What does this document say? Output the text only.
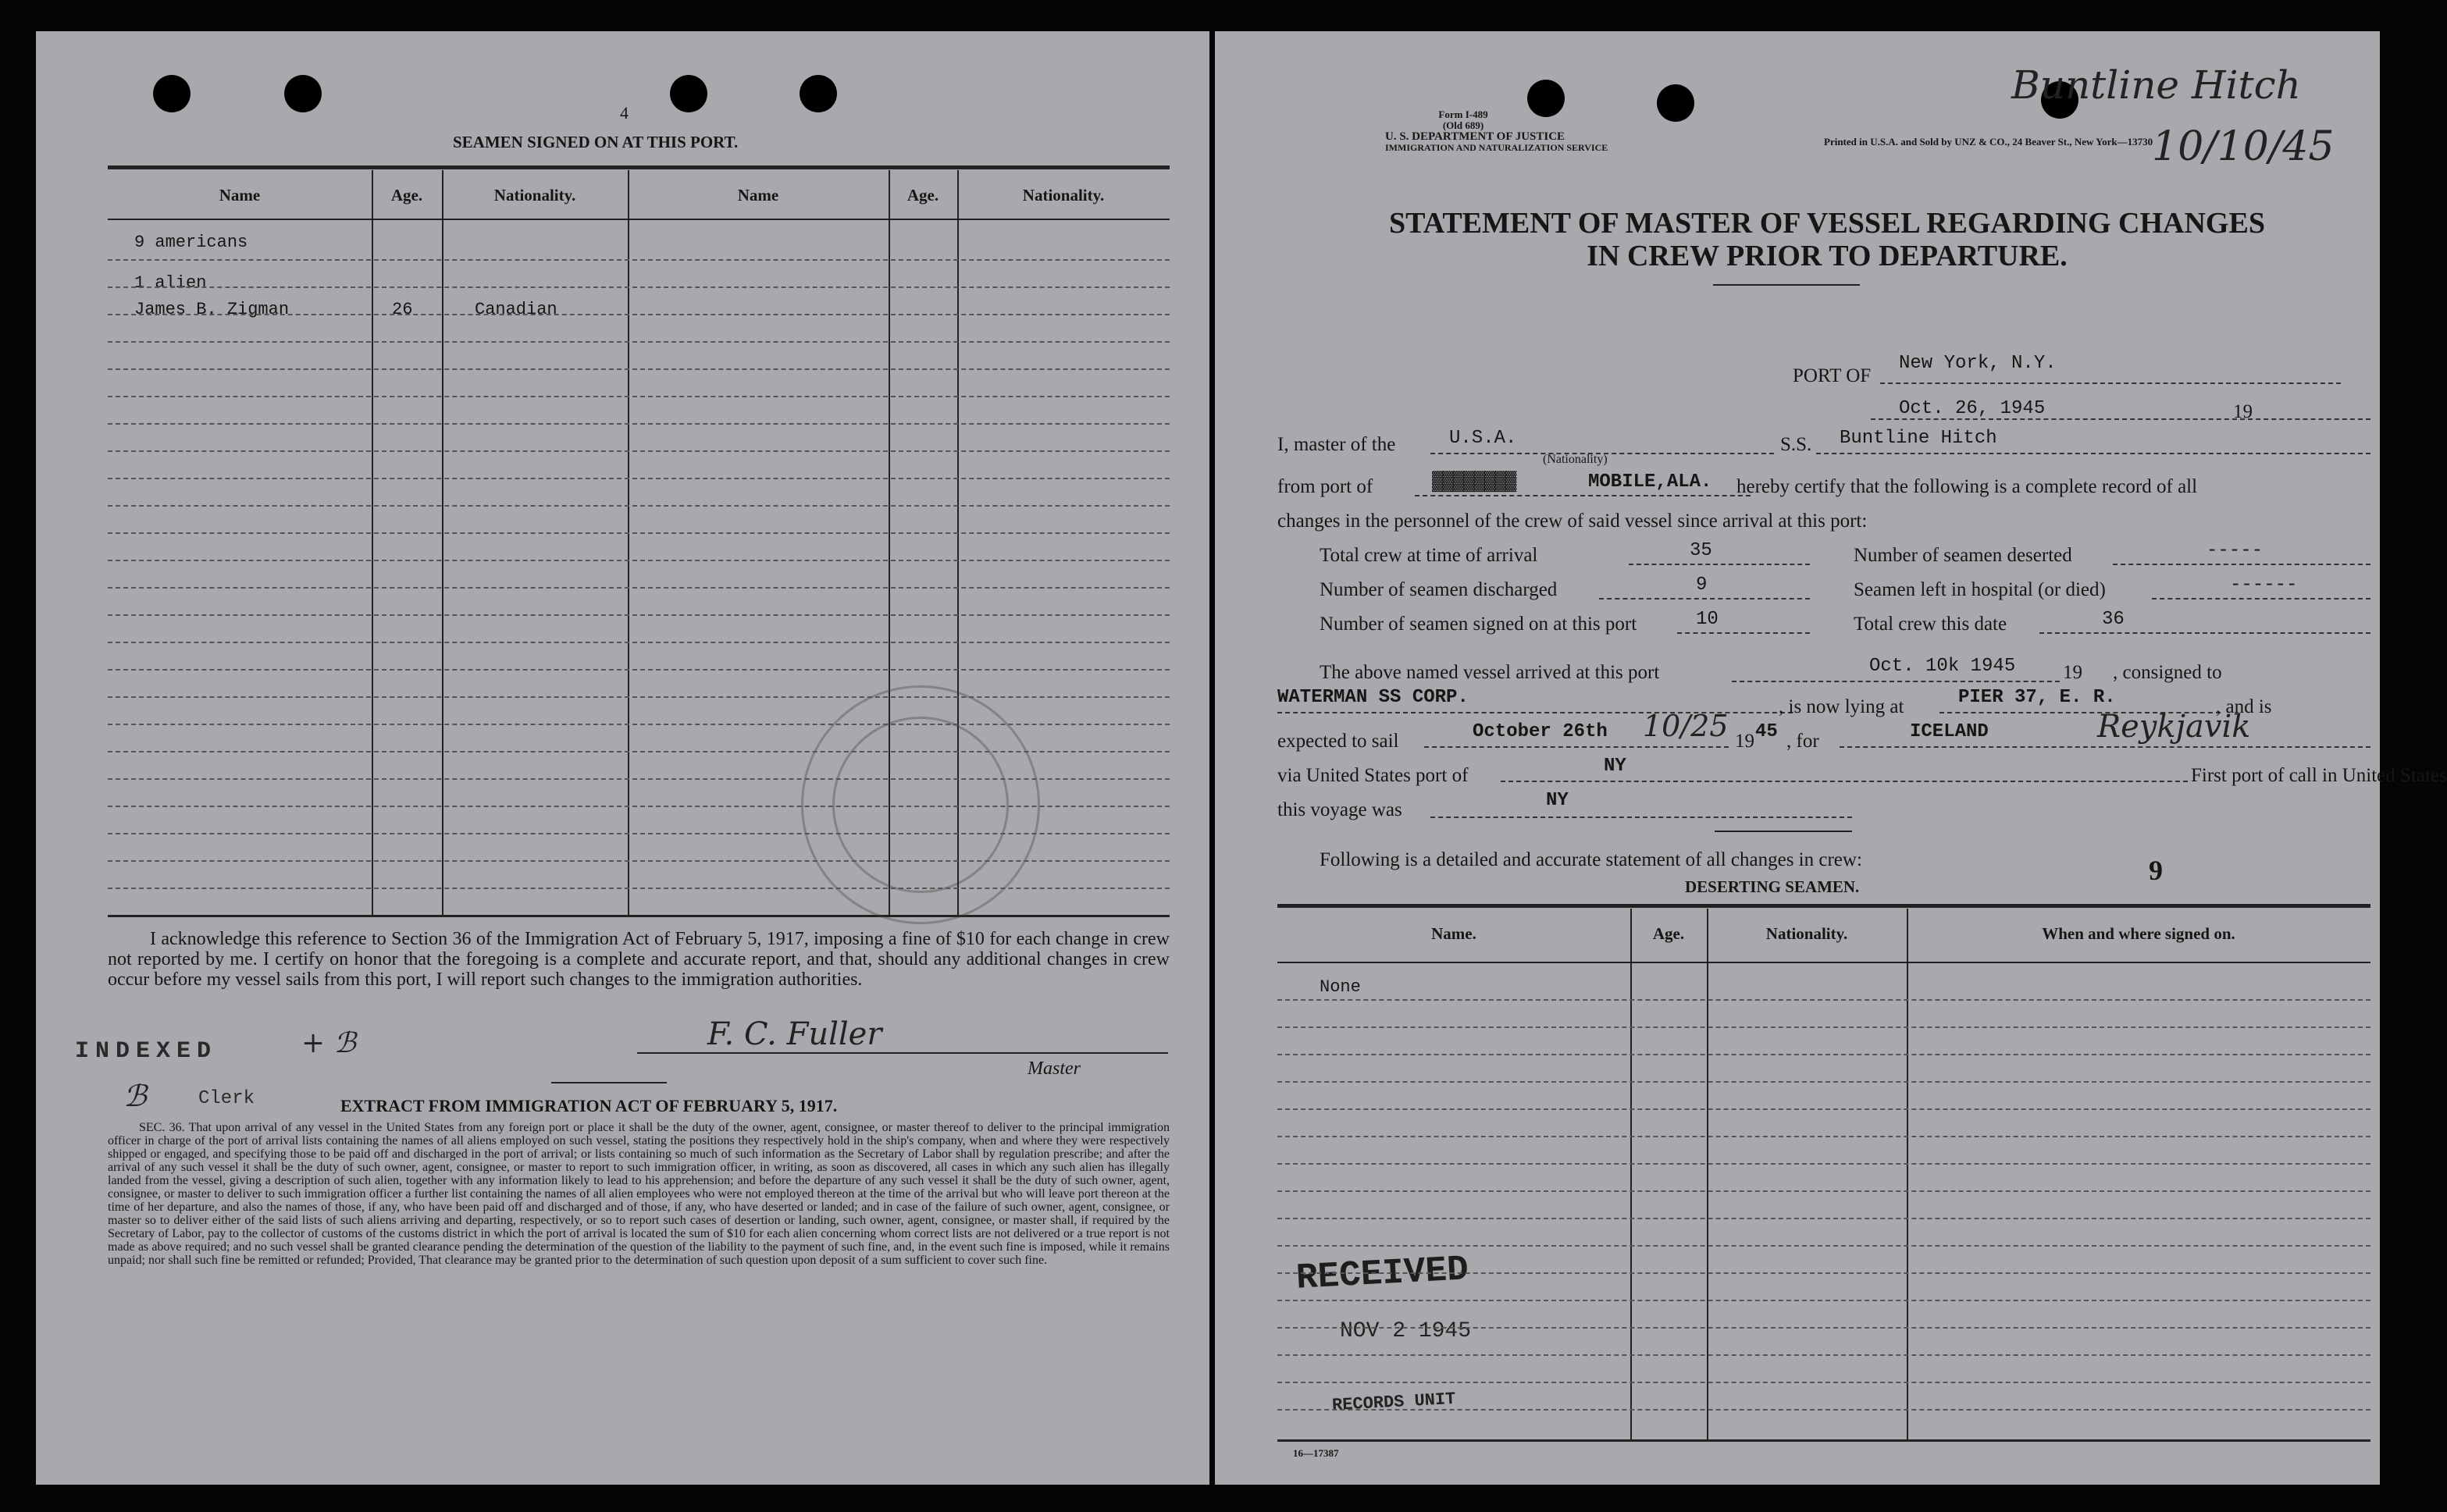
4
SEAMEN SIGNED ON AT THIS PORT.
Name	Age.	Nationality.	Name	Age.	Nationality.
9 americans
1 alien
James B. Zigman	26	Canadian
I acknowledge this reference to Section 36 of the Immigration Act of February 5, 1917, imposing a fine of $10 for each change in crew not reported by me. I certify on honor that the foregoing is a complete and accurate report, and that, should any additional changes in crew occur before my vessel sails from this port, I will report such changes to the immigration authorities.
F. C. Fuller
Master
INDEXED	+ ℬ
ℬ	Clerk	EXTRACT FROM IMMIGRATION ACT OF FEBRUARY 5, 1917.
SEC. 36. That upon arrival of any vessel in the United States from any foreign port or place it shall be the duty of the owner, agent, consignee, or master thereof to deliver to the principal immigration officer in charge of the port of arrival lists containing the names of all aliens employed on such vessel, stating the positions they respectively hold in the ship's company, when and where they were respectively shipped or engaged, and specifying those to be paid off and discharged in the port of arrival; or lists containing so much of such information as the Secretary of Labor shall by regulation prescribe; and after the arrival of any such vessel it shall be the duty of such owner, agent, consignee, or master to report to such immigration officer, in writing, as soon as discovered, all cases in which any such alien has illegally landed from the vessel, giving a description of such alien, together with any information likely to lead to his apprehension; and before the departure of any such vessel it shall be the duty of such owner, agent, consignee, or master to deliver to such immigration officer a further list containing the names of all alien employees who were not employed thereon at the time of the arrival but who will leave port thereon at the time of her departure, and also the names of those, if any, who have been paid off and discharged and of those, if any, who have deserted or landed; and in case of the failure of such owner, agent, consignee, or master so to deliver either of the said lists of such aliens arriving and departing, respectively, or so to report such cases of desertion or landing, such owner, agent, consignee, or master shall, if required by the Secretary of Labor, pay to the collector of customs of the customs district in which the port of arrival is located the sum of $10 for each alien concerning whom correct lists are not delivered or a true report is not made as above required; and no such vessel shall be granted clearance pending the determination of the question of the liability to the payment of such fine, and, in the event such fine is imposed, while it remains unpaid; nor shall such fine be remitted or refunded; Provided, That clearance may be granted prior to the determination of such question upon deposit of a sum sufficient to cover such fine.
Form I-489
(Old 689)
U. S. DEPARTMENT OF JUSTICE
IMMIGRATION AND NATURALIZATION SERVICE	Printed in U.S.A. and Sold by UNZ & CO., 24 Beaver St., New York—13730
Buntline Hitch
10/10/45
STATEMENT OF MASTER OF VESSEL REGARDING CHANGES
IN CREW PRIOR TO DEPARTURE.
PORT OF
New York, N.Y.
Oct. 26, 1945	19
I, master of the	U.S.A.
(Nationality)
S.S. Buntline Hitch
from port of	▓▓▓▓▓▓▓▓	MOBILE,ALA. hereby certify that the following is a complete record of all
changes in the personnel of the crew of said vessel since arrival at this port:
Total crew at time of arrival	35
Number of seamen discharged	9
Number of seamen signed on at this port	10
Number of seamen deserted	-----
Seamen left in hospital (or died)	------
Total crew this date	36
The above named vessel arrived at this port	Oct. 10k 1945 19 , consigned to
WATERMAN SS CORP.	, is now lying at	PIER 37, E. R.	, and is
expected to sail	October 26th 10/25 19 45 , for	ICELAND	Reykjavik
via United States port of	NY	First port of call in United States
this voyage was	NY
Following is a detailed and accurate statement of all changes in crew:	9
DESERTING SEAMEN.
Name.	Age.	Nationality.	When and where signed on.
None
RECEIVED
NOV 2 1945
RECORDS UNIT
16—17387
